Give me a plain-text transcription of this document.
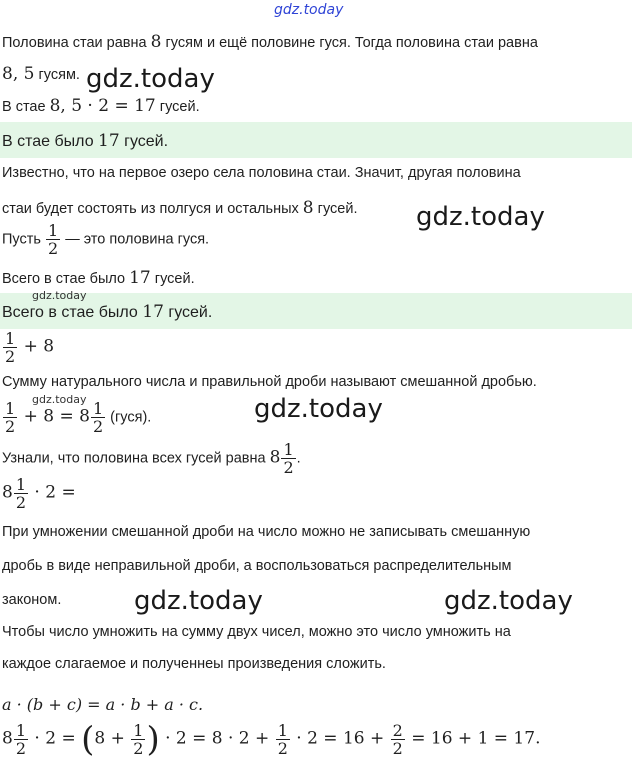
gdz.today
gdz.today
gdz.today
gdz.today
gdz.today	gdz.today
gdz.today	gdz.today
Половина стаи равна 8 гусям и ещё половине гуся. Тогда половина стаи равна
8, 5 гусям.
В стае 8, 5 · 2 = 17 гусей.
В стае было 17 гусей.
Известно, что на первое озеро села половина стаи. Значит, другая половина
стаи будет состоять из полгуся и остальных 8 гусей.
Пусть $\frac{1}{2}$ — это половина гуся.
Всего в стае было 17 гусей.
Всего в стае было 17 гусей.
$\frac{1}{2} + 8$
Сумму натурального числа и правильной дроби называют смешанной дробью.
$\frac{1}{2} + 8 = 8 \frac{1}{2}$ (гуся).
Узнали, что половина всех гусей равна $8 \frac{1}{2}$ .
$8 \frac{1}{2} \cdot 2$ =
При умножении смешанной дроби на число можно не записывать смешанную
дробь в виде неправильной дроби, а воспользоваться распределительным
законом.
Чтобы число умножить на сумму двух чисел, можно это число умножить на
каждое слагаемое и полученнеы произведения сложить.
a · (b + c) = a · b + a · c.
$8 \frac{1}{2} \cdot 2 = (8 + \frac{1}{2}$ ) · $2 = 8 \cdot 2 + \frac{1}{2} \cdot 2 = 16 + \frac{2}{2} = 16 + 1 = 17$.
